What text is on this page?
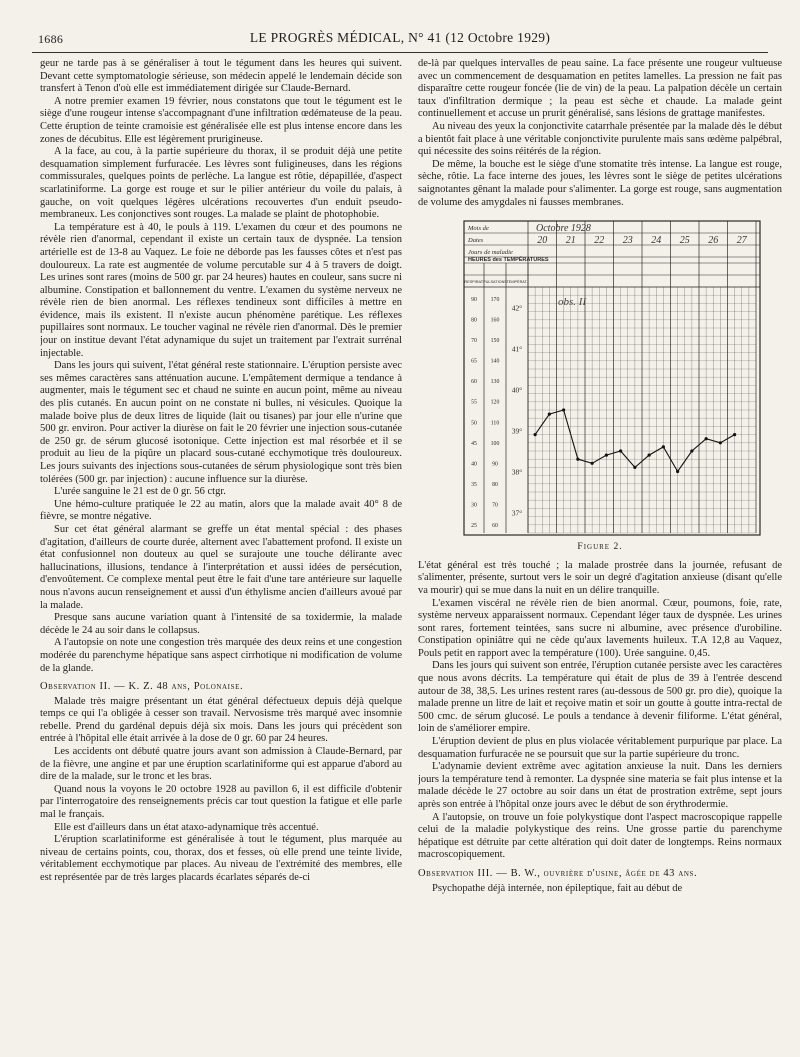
1686	LE PROGRÈS MÉDICAL, N° 41 (12 Octobre 1929)

geur ne tarde pas à se généraliser à tout le tégument dans les heures qui suivent. Devant cette symptomatologie sérieuse, son médecin appelé le lendemain décide son transfert à Tenon d'où elle est immédiatement dirigée sur Claude-Bernard.

A notre premier examen 19 février, nous constatons que tout le tégument est le siège d'une rougeur intense s'accompagnant d'une infiltration œdémateuse de la peau. Cette éruption de teinte cramoisie est généralisée elle est plus intense encore dans les zones de décubitus. Elle est légèrement prurigineuse.

A la face, au cou, à la partie supérieure du thorax, il se produit déjà une petite desquamation simplement furfuracée. Les lèvres sont fuligineuses, dans les régions commissurales, quelques points de perlèche. La langue est rôtie, dépapillée, d'aspect scarlatiniforme. La gorge est rouge et sur le pilier antérieur du voile du palais, à gauche, on voit quelques légères ulcérations recouvertes d'un enduit pseudo-membraneux. Les conjonctives sont rouges. La malade se plaint de photophobie.

La température est à 40, le pouls à 119. L'examen du cœur et des poumons ne révèle rien d'anormal, cependant il existe un certain taux de dyspnée. La tension artérielle est de 13-8 au Vaquez. Le foie ne déborde pas les fausses côtes et n'est pas douloureux. La rate est augmentée de volume percutable sur 4 à 5 travers de doigt. Les urines sont rares (moins de 500 gr. par 24 heures) hautes en couleur, sans sucre ni albumine. Constipation et ballonnement du ventre. L'examen du système nerveux ne révèle rien de bien anormal. Les réflexes tendineux sont difficiles à mettre en évidence, mais ils existent. Il n'existe aucun phénomène parétique. Les réflexes pupillaires sont normaux. Le toucher vaginal ne révèle rien d'anormal. Dès le premier jour on institue devant l'état adynamique du sujet un traitement par l'extrait surrénal injectable.

Dans les jours qui suivent, l'état général reste stationnaire. L'éruption persiste avec ses mêmes caractères sans atténuation aucune. L'empâtement dermique a tendance à augmenter, mais le tégument sec et chaud ne suinte en aucun point, même au niveau des plis cutanés. En aucun point on ne constate ni bulles, ni vésicules. Quoique la malade boive plus de deux litres de liquide (lait ou tisanes) par jour elle n'urine que 500 gr. environ. Pour activer la diurèse on fait le 20 février une injection sous-cutanée de 250 gr. de sérum glucosé isotonique. Cette injection est mal résorbée et il se produit au lieu de la piqûre un placard sous-cutané ecchymotique très douloureux. Les jours suivants des injections sous-cutanées de sérum physiologique sont très bien tolérées (500 gr. par injection) : aucune influence sur la diurèse.

L'urée sanguine le 21 est de 0 gr. 56 ctgr.

Une hémo-culture pratiquée le 22 au matin, alors que la malade avait 40° 8 de fièvre, se montre négative.

Sur cet état général alarmant se greffe un état mental spécial : des phases d'agitation, d'ailleurs de courte durée, alternent avec l'abattement profond. Il existe un état confusionnel non douteux au quel se surajoute une touche délirante avec hallucinations, illusions, tendance à l'interprétation et aussi idées de persécution, d'envoûtement. Ce complexe mental peut être le fait d'une tare antérieure sur laquelle nous n'avons aucun renseignement et aussi d'un éthylisme ancien d'ailleurs avoué par la malade.

Presque sans aucune variation quant à l'intensité de sa toxidermie, la malade décède le 24 au soir dans le collapsus.

A l'autopsie on note une congestion très marquée des deux reins et une congestion modérée du parenchyme hépatique sans aspect cirrhotique ni modification de volume de la glande.

Observation II. — K. Z. 48 ans, Polonaise.

Malade très maigre présentant un état général défectueux depuis déjà quelque temps ce qui l'a obligée à cesser son travail. Nervosisme très marqué avec insomnie rebelle. Prend du gardénal depuis déjà six mois. Dans les jours qui précèdent son entrée à l'hôpital elle était arrivée à la dose de 0 gr. 60 par 24 heures.

Les accidents ont débuté quatre jours avant son admission à Claude-Bernard, par de la fièvre, une angine et par une éruption scarlatiniforme qui est apparue d'abord au dire de la malade, sur le tronc et les bras.

Quand nous la voyons le 20 octobre 1928 au pavillon 6, il est difficile d'obtenir par l'interrogatoire des renseignements précis car tout question la fatigue et elle parle mal le français.

Elle est d'ailleurs dans un état ataxo-adynamique très accentué.

L'éruption scarlatiniforme est généralisée à tout le tégument, plus marquée au niveau de certains points, cou, thorax, dos et fesses, où elle prend une teinte livide, véritablement ecchymotique par places. Au niveau de l'extrémité des membres, elle est représentée par de très larges placards écarlates séparés de-ci

de-là par quelques intervalles de peau saine. La face présente une rougeur vultueuse avec un commencement de desquamation en petites lamelles. La pression ne fait pas disparaître cette rougeur foncée (lie de vin) de la peau. La palpation décèle un certain taux d'infiltration dermique ; la peau est sèche et chaude. La malade geint continuellement et accuse un prurit généralisé, sans lésions de grattage manifestes.

Au niveau des yeux la conjonctivite catarrhale présentée par la malade dès le début a bientôt fait place à une véritable conjonctivite purulente mais sans œdème palpébral, qui nécessite des soins réitérés de la région.

De même, la bouche est le siège d'une stomatite très intense. La langue est rouge, sèche, rôtie. La face interne des joues, les lèvres sont le siège de petites ulcérations saignotantes gênant la malade pour s'alimenter. La gorge est rouge, sans augmentation de volume des amygdales ni fausses membranes.

Mois de
Dates
Jours de maladie
Octobre 1928
20 21 22 23 24 25 26 27
HEURES des TEMPÉRATURES
RESPIRAT. PULSATIONS TEMPÉRAT.
42°
41°
40°
39°
38°
37°
90 170
80 160
70 150
65 140
60 130
55 120
50 110
45 100
40	90
35	80
30	70
25	60
obs. II
Figure 2.

L'état général est très touché ; la malade prostrée dans la journée, refusant de s'alimenter, présente, surtout vers le soir un degré d'agitation anxieuse (disant qu'elle va mourir) qui se mue dans la nuit en un délire tranquille.

L'examen viscéral ne révèle rien de bien anormal. Cœur, poumons, foie, rate, système nerveux apparaissent normaux. Cependant léger taux de dyspnée. Les urines sont rares, fortement teintées, sans sucre ni albumine, avec présence d'urobiline. Constipation opiniâtre qui ne cède qu'aux lavements huileux. T.A 12,8 au Vaquez, Pouls petit en rapport avec la température (100). Urée sanguine. 0,45.

Dans les jours qui suivent son entrée, l'éruption cutanée persiste avec les caractères que nous avons décrits. La température qui était de plus de 39 à l'entrée descend autour de 38, 38,5. Les urines restent rares (au-dessous de 500 gr. pro die), quoique la malade prenne un litre de lait et reçoive matin et soir un goutte à goutte intra-rectal de 500 cmc. de sérum glucosé. Le pouls a tendance à devenir filiforme. L'état général, loin de s'améliorer empire.

L'éruption devient de plus en plus violacée véritablement purpurique par place. La desquamation furfuracée ne se poursuit que sur la partie supérieure du tronc.

L'adynamie devient extrême avec agitation anxieuse la nuit. Dans les derniers jours la température tend à remonter. La dyspnée sine materia se fait plus intense et la malade décède le 27 octobre au soir dans un état de prostration extrême, sept jours après son entrée à l'hôpital onze jours avec le début de son érythrodermie.

A l'autopsie, on trouve un foie polykystique dont l'aspect macroscopique rappelle celui de la maladie polykystique des reins. Une grosse partie du parenchyme hépatique est détruite par cette altération qui doit dater de longtemps. Reins normaux macroscopiquement.

Observation III. — B. W., ouvrière d'usine, âgée de 43 ans.

Psychopathe déjà internée, non épileptique, fait au début de
